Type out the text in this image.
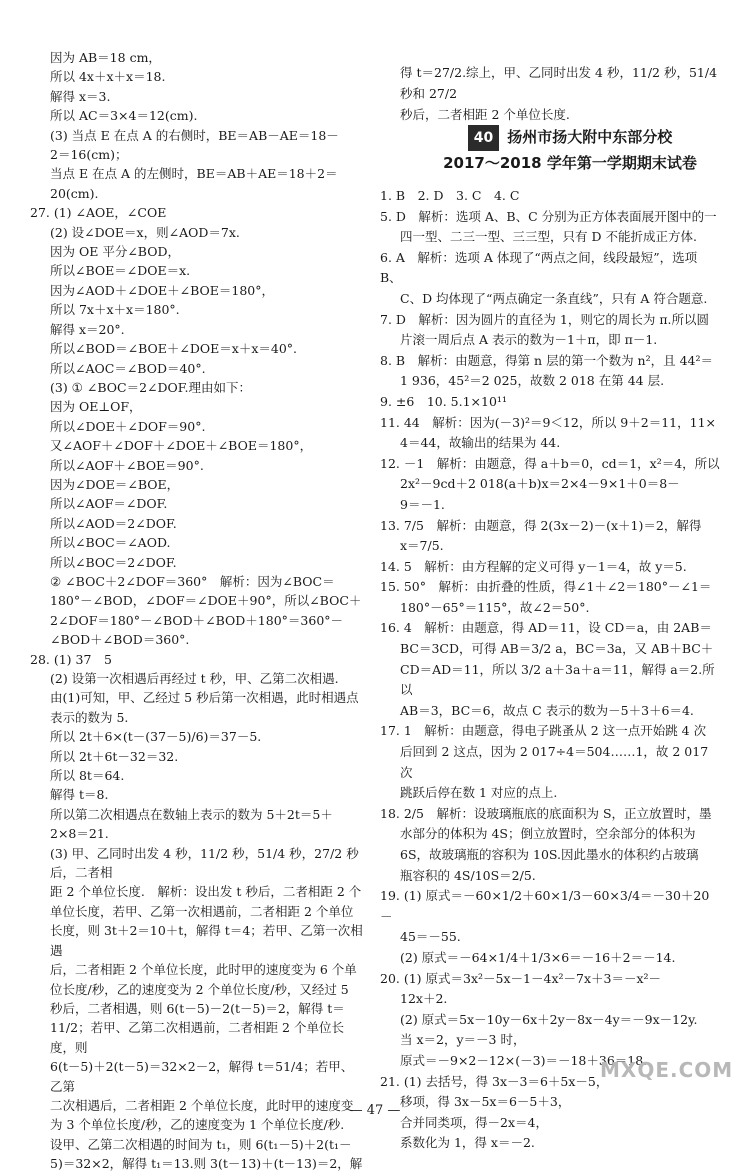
因为 AB＝18 cm，

所以 4x＋x＋x＝18.

解得 x＝3.

所以 AC＝3×4＝12(cm).

(3) 当点 E 在点 A 的右侧时，BE＝AB－AE＝18－

2＝16(cm)；

当点 E 在点 A 的左侧时，BE＝AB＋AE＝18＋2＝

20(cm).

27. (1) ∠AOE，∠COE

(2) 设∠DOE＝x，则∠AOD＝7x.

因为 OE 平分∠BOD，

所以∠BOE＝∠DOE＝x.

因为∠AOD＋∠DOE＋∠BOE＝180°，

所以 7x＋x＋x＝180°.

解得 x＝20°.

所以∠BOD＝∠BOE＋∠DOE＝x＋x＝40°.

所以∠AOC＝∠BOD＝40°.

(3) ① ∠BOC＝2∠DOF.理由如下：

因为 OE⊥OF，

所以∠DOE＋∠DOF＝90°.

又∠AOF＋∠DOF＋∠DOE＋∠BOE＝180°，

所以∠AOF＋∠BOE＝90°.

因为∠DOE＝∠BOE，

所以∠AOF＝∠DOF.

所以∠AOD＝2∠DOF.

所以∠BOC＝∠AOD.

所以∠BOC＝2∠DOF.

② ∠BOC＋2∠DOF＝360°　解析：因为∠BOC＝

180°－∠BOD，∠DOF＝∠DOE＋90°，所以∠BOC＋

2∠DOF＝180°－∠BOD＋∠BOD＋180°＝360°－

∠BOD＋∠BOD＝360°.

28. (1) 37　5

(2) 设第一次相遇后再经过 t 秒，甲、乙第二次相遇.

由(1)可知，甲、乙经过 5 秒后第一次相遇，此时相遇点

表示的数为 5.

所以 2t＋6×(t－(37－5)/6)＝37－5.

所以 2t＋6t－32＝32.

所以 8t＝64.

解得 t＝8.

所以第二次相遇点在数轴上表示的数为 5＋2t＝5＋

2×8＝21.

(3) 甲、乙同时出发 4 秒，11/2 秒，51/4 秒，27/2 秒后，二者相

距 2 个单位长度.　解析：设出发 t 秒后，二者相距 2 个

单位长度，若甲、乙第一次相遇前，二者相距 2 个单位

长度，则 3t＋2＝10＋t，解得 t＝4；若甲、乙第一次相遇

后，二者相距 2 个单位长度，此时甲的速度变为 6 个单

位长度/秒，乙的速度变为 2 个单位长度/秒，又经过 5

秒后，二者相遇，则 6(t－5)－2(t－5)＝2，解得 t＝

11/2；若甲、乙第二次相遇前，二者相距 2 个单位长度，则

6(t－5)＋2(t－5)＝32×2－2，解得 t＝51/4；若甲、乙第

二次相遇后，二者相距 2 个单位长度，此时甲的速度变

为 3 个单位长度/秒，乙的速度变为 1 个单位长度/秒.

设甲、乙第二次相遇的时间为 t₁，则 6(t₁－5)＋2(t₁－

5)＝32×2，解得 t₁＝13.则 3(t－13)＋(t－13)＝2，解

得 t＝27/2.综上，甲、乙同时出发 4 秒，11/2 秒，51/4 秒和 27/2

秒后，二者相距 2 个单位长度.

40 扬州市扬大附中东部分校
2017～2018 学年第一学期期末试卷

1. B　2. D　3. C　4. C

5. D　解析：选项 A、B、C 分别为正方体表面展开图中的一

四一型、二三一型、三三型，只有 D 不能折成正方体.

6. A　解析：选项 A 体现了“两点之间，线段最短”，选项 B、

C、D 均体现了“两点确定一条直线”，只有 A 符合题意.

7. D　解析：因为圆片的直径为 1，则它的周长为 π.所以圆

片滚一周后点 A 表示的数为－1＋π，即 π－1.

8. B　解析：由题意，得第 n 层的第一个数为 n²，且 44²＝

1 936，45²＝2 025，故数 2 018 在第 44 层.

9. ±6　10. 5.1×10¹¹

11. 44　解析：因为(－3)²＝9＜12，所以 9＋2＝11，11×

4＝44，故输出的结果为 44.

12. －1　解析：由题意，得 a＋b＝0，cd＝1，x²＝4，所以

2x²－9cd＋2 018(a＋b)x＝2×4－9×1＋0＝8－

9＝－1.

13. 7/5　解析：由题意，得 2(3x－2)－(x＋1)＝2，解得

x＝7/5.

14. 5　解析：由方程解的定义可得 y－1＝4，故 y＝5.

15. 50°　解析：由折叠的性质，得∠1＋∠2＝180°－∠1＝

180°－65°＝115°，故∠2＝50°.

16. 4　解析：由题意，得 AD＝11，设 CD＝a，由 2AB＝

BC＝3CD，可得 AB＝3/2 a，BC＝3a，又 AB＋BC＋

CD＝AD＝11，所以 3/2 a＋3a＋a＝11，解得 a＝2.所以

AB＝3，BC＝6，故点 C 表示的数为－5＋3＋6＝4.

17. 1　解析：由题意，得电子跳蚤从 2 这一点开始跳 4 次

后回到 2 这点，因为 2 017÷4＝504……1，故 2 017 次

跳跃后停在数 1 对应的点上.

18. 2/5　解析：设玻璃瓶底的底面积为 S，正立放置时，墨

水部分的体积为 4S；倒立放置时，空余部分的体积为

6S，故玻璃瓶的容积为 10S.因此墨水的体积约占玻璃

瓶容积的 4S/10S＝2/5.

19. (1) 原式＝－60×1/2＋60×1/3－60×3/4＝－30＋20－

45＝－55.

(2) 原式＝－64×1/4＋1/3×6＝－16＋2＝－14.

20. (1) 原式＝3x²－5x－1－4x²－7x＋3＝－x²－

12x＋2.

(2) 原式＝5x－10y－6x＋2y－8x－4y＝－9x－12y.

当 x＝2，y＝－3 时，

原式＝－9×2－12×(－3)＝－18＋36＝18.

21. (1) 去括号，得 3x－3＝6＋5x－5，

移项，得 3x－5x＝6－5＋3，

合并同类项，得－2x＝4，

系数化为 1，得 x＝－2.

— 47 —
MXQE.COM
